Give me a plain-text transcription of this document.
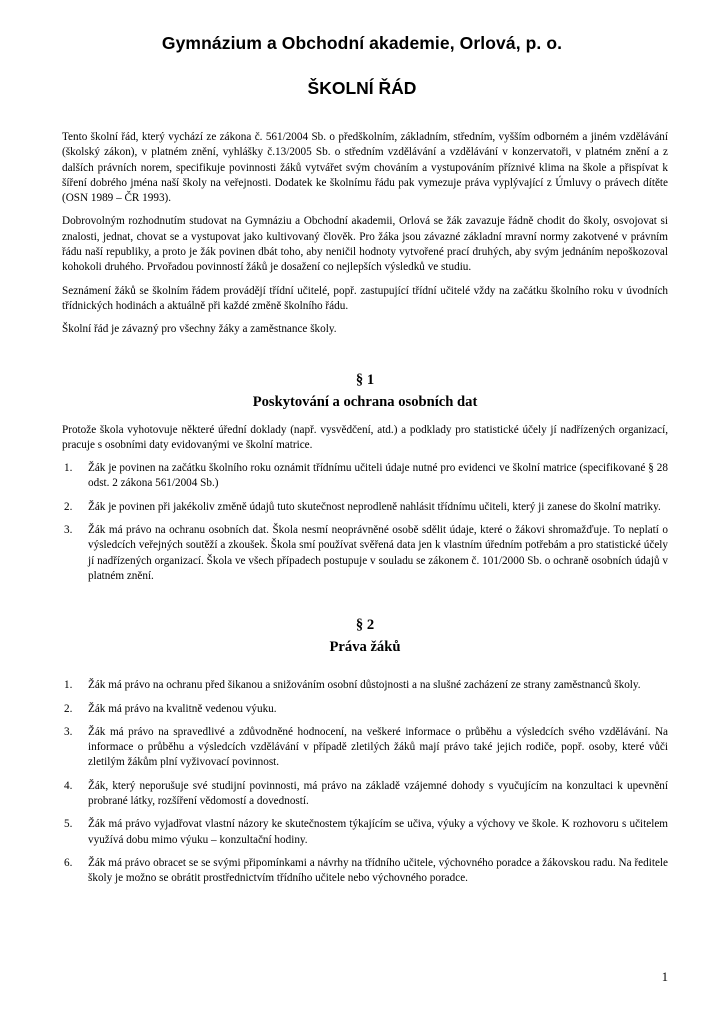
Gymnázium a Obchodní akademie, Orlová, p. o.
ŠKOLNÍ ŘÁD

Tento školní řád, který vychází ze zákona č. 561/2004 Sb. o předškolním, základním, středním, vyšším odborném a jiném vzdělávání (školský zákon), v platném znění, vyhlášky č.13/2005 Sb. o středním vzdělávání a vzdělávání v konzervatoři, v platném znění a z dalších právních norem, specifikuje povinnosti žáků vytvářet svým chováním a vystupováním příznivé klima na škole a přispívat k šíření dobrého jména naší školy na veřejnosti. Dodatek ke školnímu řádu pak vymezuje práva vyplývající z Úmluvy o právech dítěte (OSN 1989 – ČR 1993).

Dobrovolným rozhodnutím studovat na Gymnáziu a Obchodní akademii, Orlová se žák zavazuje řádně chodit do školy, osvojovat si znalosti, jednat, chovat se a vystupovat jako kultivovaný člověk. Pro žáka jsou závazné základní mravní normy zakotvené v právním řádu naší republiky, a proto je žák povinen dbát toho, aby neničil hodnoty vytvořené prací druhých, aby svým jednáním nepoškozoval kohokoli druhého. Prvořadou povinností žáků je dosažení co nejlepších výsledků ve studiu.

Seznámení žáků se školním řádem provádějí třídní učitelé, popř. zastupující třídní učitelé vždy na začátku školního roku v úvodních třídnických hodinách a aktuálně při každé změně školního řádu.

Školní řád je závazný pro všechny žáky a zaměstnance školy.

§ 1
Poskytování a ochrana osobních dat

Protože škola vyhotovuje některé úřední doklady (např. vysvědčení, atd.) a podklady pro statistické účely jí nadřízených organizací, pracuje s osobními daty evidovanými ve školní matrice.

1. Žák je povinen na začátku školního roku oznámit třídnímu učiteli údaje nutné pro evidenci ve školní matrice (specifikované § 28 odst. 2 zákona 561/2004 Sb.)
2. Žák je povinen při jakékoliv změně údajů tuto skutečnost neprodleně nahlásit třídnímu učiteli, který ji zanese do školní matriky.
3. Žák má právo na ochranu osobních dat. Škola nesmí neoprávněné osobě sdělit údaje, které o žákovi shromažďuje. To neplatí o výsledcích veřejných soutěží a zkoušek. Škola smí používat svěřená data jen k vlastním úředním potřebám a pro statistické účely jí nadřízených organizací. Škola ve všech případech postupuje v souladu se zákonem č. 101/2000 Sb. o ochraně osobních údajů v platném znění.
§ 2
Práva žáků
1. Žák má právo na ochranu před šikanou a snižováním osobní důstojnosti a na slušné zacházení ze strany zaměstnanců školy.
2. Žák má právo na kvalitně vedenou výuku.
3. Žák má právo na spravedlivé a zdůvodněné hodnocení, na veškeré informace o průběhu a výsledcích svého vzdělávání. Na informace o průběhu a výsledcích vzdělávání v případě zletilých žáků mají právo také jejich rodiče, popř. osoby, které vůči zletilým žákům plní vyživovací povinnost.
4. Žák, který neporušuje své studijní povinnosti, má právo na základě vzájemné dohody s vyučujícím na konzultaci k upevnění probrané látky, rozšíření vědomostí a dovedností.
5. Žák má právo vyjadřovat vlastní názory ke skutečnostem týkajícím se učiva, výuky a výchovy ve škole. K rozhovoru s učitelem využívá dobu mimo výuku – konzultační hodiny.
6. Žák má právo obracet se se svými připomínkami a návrhy na třídního učitele, výchovného poradce a žákovskou radu. Na ředitele školy je možno se obrátit prostřednictvím třídního učitele nebo výchovného poradce.
1
